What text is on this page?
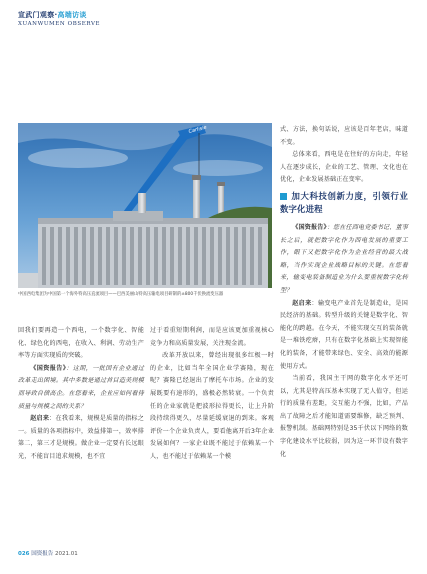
宣武门观察·高端访谈
XUANWUMEN OBSERVE
Carlisle
中国西电集团为中国第一个海外特高压直流项目——巴西美丽山特高压输电项目研制的±800千伏换流变压器

回我们要再造一个西电，一个数字化、智能化、绿色化的西电，在收入、利润、劳动生产率等方面实现质的突破。

《国资报告》：这期，一批国有企业通过改革走出困境。其中多数是通过首目造美规模而导致自债高企。在您看来，企业应如何看待质量与规模之间的关系？

赵启来：在我看来，规模是质量的指标之一。质量的各项指标中，效益排第一，效率排第二，第三才是规模。做企业一定要有长远眼光，不能盲目追求规模，也不宜

过于看重短期利润，而是应该更加重视核心竞争力和高质量发展，关注现金流。

改革开放以来，曾经出现很多红极一时的企业，比如当年全国企业学赛隆，现在呢？赛隆已经退出了摩托车市场。企业的发展既要有速形的，盛极必然转衰。一个负责任的企业家就是把波形拉得更长，让上升阶段持续得更久，尽量延缓衰退的到来。客观评价一个企业负责人，要看他离开后3年企业发展如何？一家企业既不能过于依赖某一个人，也不能过于依赖某一个模

式、方法，换句话说，应该是百年老店，味道不变。

总体来看，西电是在往好的方向走，年轻人在逐步成长，企业的工艺、管理、文化也在优化，企业发展基础正在变牢。

加大科技创新力度，引领行业数字化进程

《国资报告》：您在任西电党委书记、董事长之后，就把数字化作为西电发展的重要工作，眼下又把数字化作为企业经营的最大战略，当作实现企业战略目标的关键。在您看来，输变电装备制造业为什么要重视数字化转型？

赵启来：输变电产业首先是制造业，是国民经济的基础。转型升级的关键是数字化、智能化的跨越。在今天，不能实现交互的装备就是一堆铁疙瘩，只有在数字化基础上实现智能化的装备，才能带来绿色、安全、高效的能源使用方式。

当前看，我国主干网的数字化水平还可以，尤其是特高压基本实现了无人值守，但运行的质量有差距，交互能力不强，比如，产品出了故障之后才能知道需要维修，缺乏预判、报警机制。基础网特别是35千伏以下网络的数字化建设水平比较弱，因为这一环节设有数字化

026 国资报告 2021.01
